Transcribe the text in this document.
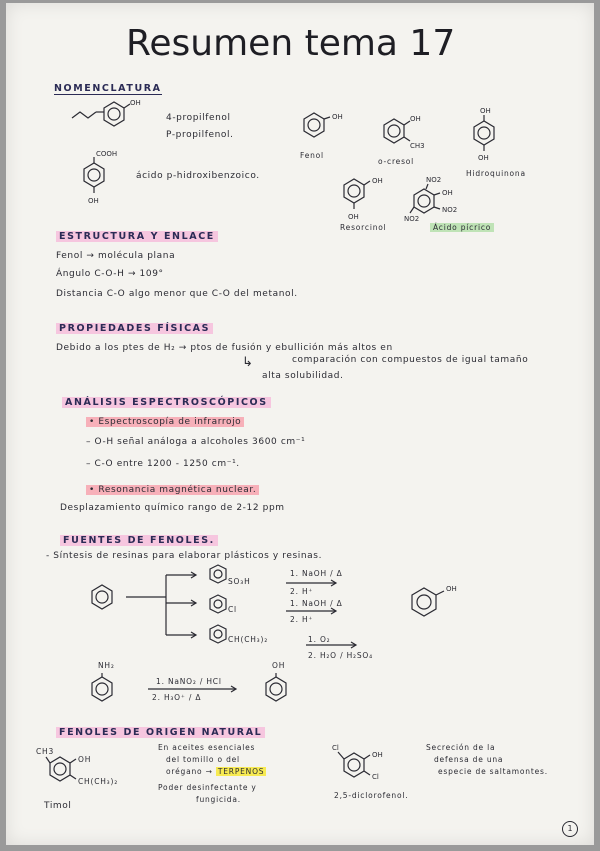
Resumen tema 17
NOMENCLATURA
OH
4-propilfenol
P-propilfenol.
OH
Fenol
OH
CH3
o-cresol
OH
OH
Hidroquinona
COOH
OH
ácido p-hidroxibenzoico.	OH
OH
Resorcinol
NO2
OH
NO2
NO2
Ácido pícrico
ESTRUCTURA Y ENLACE
Fenol → molécula plana
Ángulo C-O-H → 109°
Distancia C-O algo menor que C-O del metanol.
PROPIEDADES FÍSICAS
Debido a los ptes de H₂ → ptos de fusión y ebullición más altos en
comparación con compuestos de igual tamaño
↳
alta solubilidad.
ANÁLISIS ESPECTROSCÓPICOS
• Espectroscopía de infrarrojo
– O-H señal análoga a alcoholes 3600 cm⁻¹
– C-O entre 1200 - 1250 cm⁻¹.
• Resonancia magnética nuclear.
Desplazamiento químico rango de 2-12 ppm
FUENTES DE FENOLES.
- Síntesis de resinas para elaborar plásticos y resinas.
OH
SO₃H
Cl
CH(CH₃)₂
1. NaOH / Δ
2. H⁺
1. NaOH / Δ
2. H⁺
1. O₂
2. H₂O / H₂SO₄
NH₂	OH
1. NaNO₂ / HCl
2. H₃O⁺ / Δ
FENOLES DE ORIGEN NATURAL
CH3
OH
CH(CH₃)₂
Timol
En aceites esenciales
del tomillo o del
orégano → TERPENOS
Poder desinfectante y
fungicida.
Cl
OH
Cl
2,5-diclorofenol.
Secreción de la
defensa de una
especie de saltamontes.
1
